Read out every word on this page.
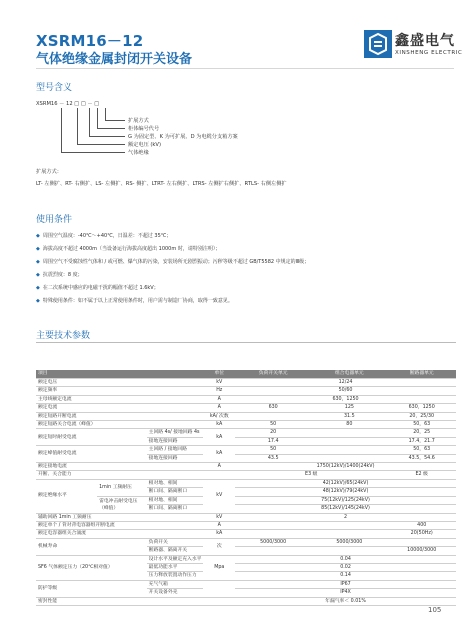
XSRM16－12
气体绝缘金属封闭开关设备
鑫盛电气
XINSHENG ELECTRIC
型号含义
XSRM16 － 12 □ □ － □
扩展方式
柜体编号代号
G 为固定型、K 为可扩展、D 为电缆分支箱方案
额定电压 (kV)
气体绝缘
扩展方式：
LT- 左侧扩、RT- 右侧扩、LS- 左侧扩、RS- 侧扩、LTRT- 左右侧扩、LTRS- 左侧扩右侧扩、RTLS- 右侧左侧扩
使用条件
◆ 周围空气温度：-40℃～+40℃，日温差：不超过 35℃；
◆ 海拔高度不超过 4000m（当设备运行海拔高度超出 1000m 时，请特别注明）；
◆ 周围空气不受腐蚀性气体和 / 或可燃、爆气体的污染，安装场所无剧烈振动；污秽等级不超过 GB/T5582 中规定的Ⅲ级；
◆ 抗震烈度：8 度；
◆ 在二次系统中感应的电磁干扰的幅值不超过 1.6kV；
◆ 特殊使用条件：如不属于以上正常使用条件时，用户需与制造厂协商，取得一致意见。
主要技术参数
项目			单位	负荷开关单元	组合电器单元	断路器单元
额定电压			kV	12/24		
额定频率			Hz	50/60		
主母线额定电流			A	630，1250		
额定电流			A	630	125	630，1250
额定短路开断电流			kA/ 次数		31.5	20，25/30
额定短路关合电流（峰值）			kA	50	80	50，63
额定短时耐受电流		主回路 4s/ 接地回路 4s	kA	20		20，25
		接地连接回路		17.4		17.4，21.7
额定峰值耐受电流		主回路 / 接地回路	kA	50		50，63
		接地连接回路		43.5		43.5，54.6
额定接地电流			A	1750(12kV)/1400(24kV)		
开断、关合能力				E3 级		E2 级
额定绝缘水平	1min 工频耐压	相对地、相间	kV	42(12kV)/65(24kV)		
		断口间、隔离断口		48(12kV)/79(24kV)		
	雷电冲击耐受电压（峰值）	相对地、相间		75(12kV)/125(24kV)		
		断口间、隔离断口		85(12kV)/145(24kV)		
辅助回路 1min 工频耐压			kV	2		
额定单个 / 背对背电容器组开断电流			A			400
额定电容器组关合涌流			kA			20(50Hz)
机械寿命		负荷开关	次	5000/3000	5000/3000	
		断路器、隔离开关				10000/3000
SF6 气体额定压力（20℃相对值）		设计水平及额定充入水平	Mpa	0.04		
		最低功能水平		0.02		
		压力释放装置动作压力		0.14		
防护等级		充气气箱		IP67		
		开关设备外壳		IP4X		
密封性能				年漏气率＜ 0.01%		
105
